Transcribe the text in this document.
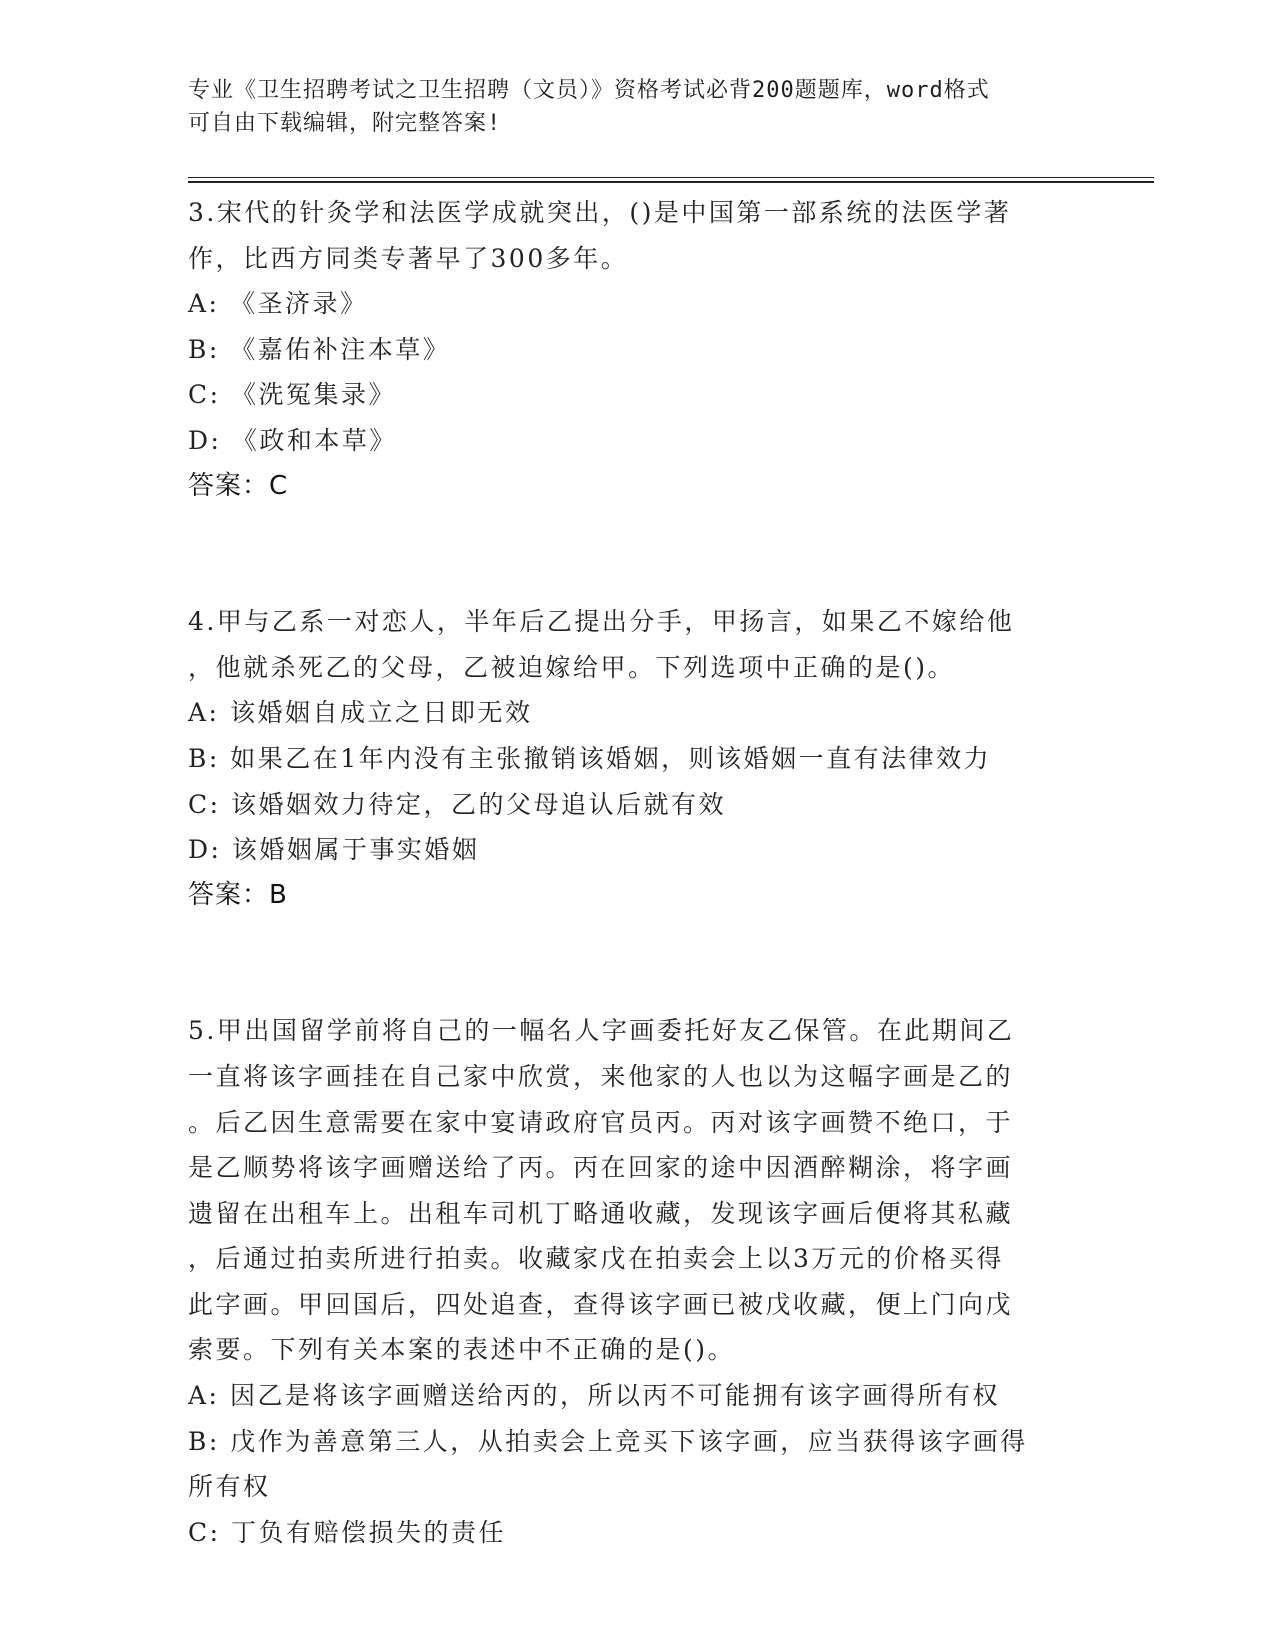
专业《卫生招聘考试之卫生招聘（文员）》资格考试必背200题题库，word格式
可自由下载编辑，附完整答案!
3.宋代的针灸学和法医学成就突出，()是中国第一部系统的法医学著
作，比西方同类专著早了300多年。
A: 《圣济录》
B: 《嘉佑补注本草》
C: 《洗冤集录》
D: 《政和本草》
答案：C
4.甲与乙系一对恋人，半年后乙提出分手，甲扬言，如果乙不嫁给他
，他就杀死乙的父母，乙被迫嫁给甲。下列选项中正确的是()。
A: 该婚姻自成立之日即无效
B: 如果乙在1年内没有主张撤销该婚姻，则该婚姻一直有法律效力
C: 该婚姻效力待定，乙的父母追认后就有效
D: 该婚姻属于事实婚姻
答案：B
5.甲出国留学前将自己的一幅名人字画委托好友乙保管。在此期间乙
一直将该字画挂在自己家中欣赏，来他家的人也以为这幅字画是乙的
。后乙因生意需要在家中宴请政府官员丙。丙对该字画赞不绝口，于
是乙顺势将该字画赠送给了丙。丙在回家的途中因酒醉糊涂，将字画
遗留在出租车上。出租车司机丁略通收藏，发现该字画后便将其私藏
，后通过拍卖所进行拍卖。收藏家戊在拍卖会上以3万元的价格买得
此字画。甲回国后，四处追查，查得该字画已被戊收藏，便上门向戊
索要。下列有关本案的表述中不正确的是()。
A: 因乙是将该字画赠送给丙的，所以丙不可能拥有该字画得所有权
B: 戊作为善意第三人，从拍卖会上竞买下该字画，应当获得该字画得
所有权
C: 丁负有赔偿损失的责任
